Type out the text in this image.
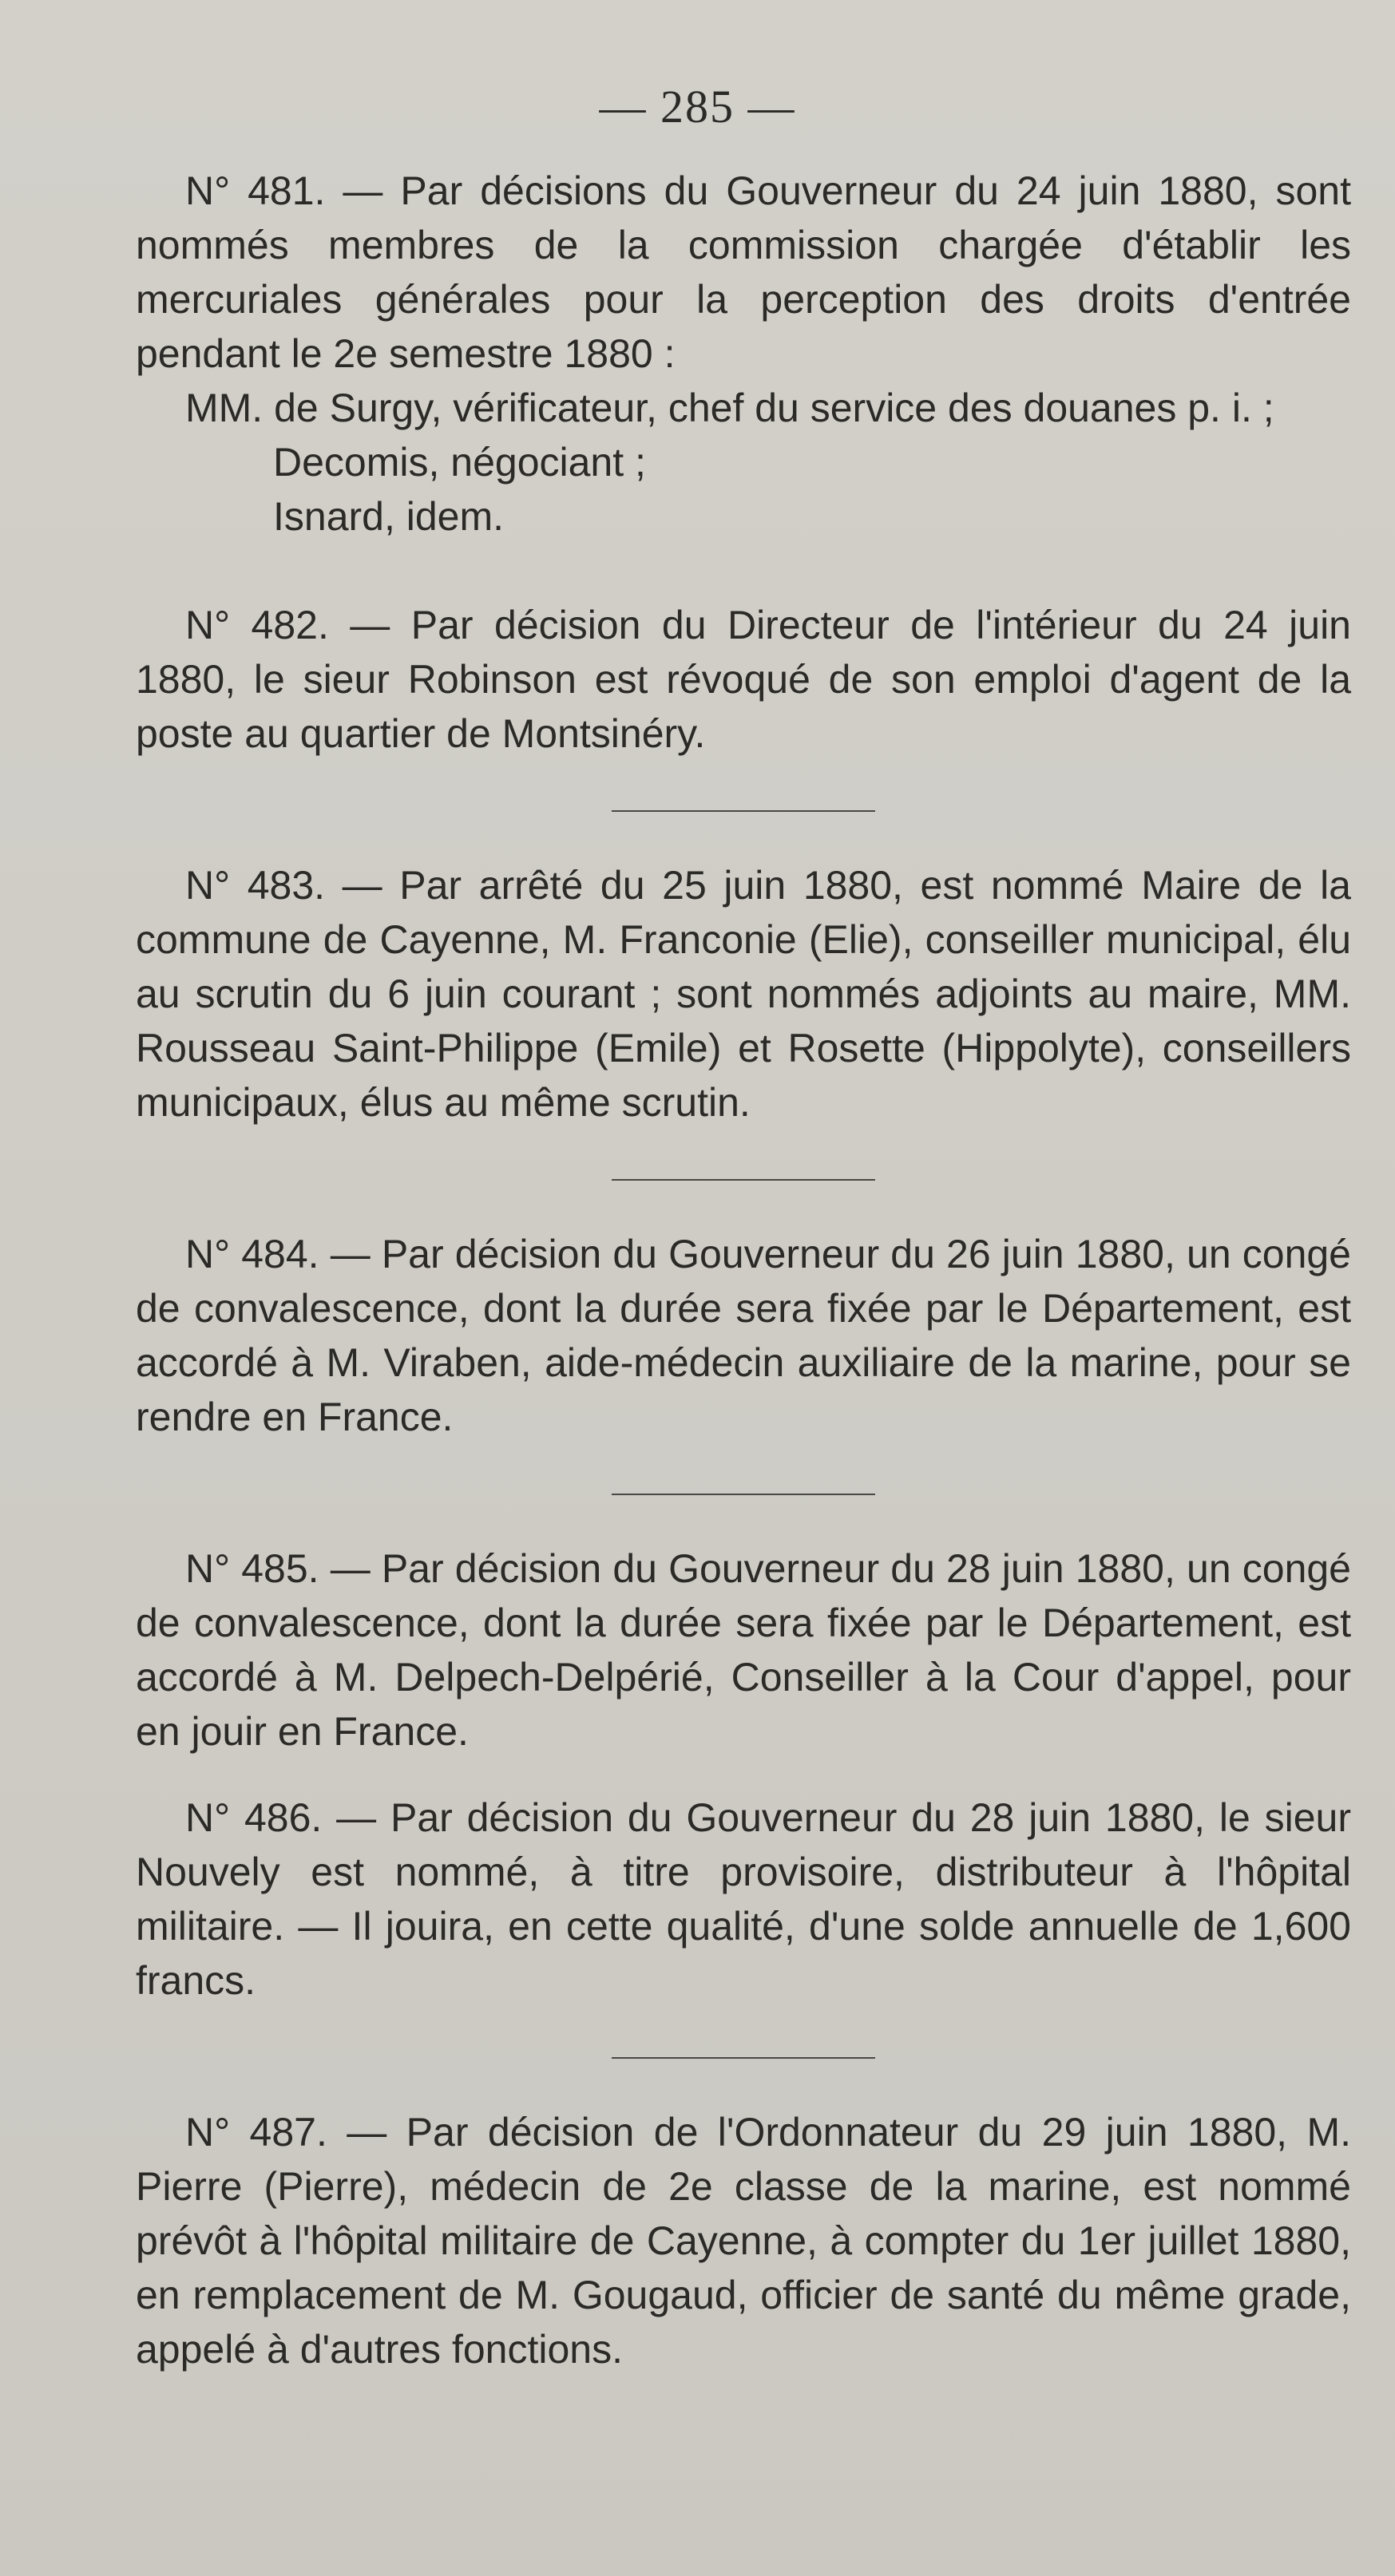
— 285 —

N° 481. — Par décisions du Gouverneur du 24 juin 1880, sont nommés membres de la commission chargée d'établir les mercuriales générales pour la perception des droits d'entrée pendant le 2e semestre 1880 :

MM. de Surgy, vérificateur, chef du service des douanes p. i. ;

Decomis, négociant ;

Isnard, idem.

N° 482. — Par décision du Directeur de l'intérieur du 24 juin 1880, le sieur Robinson est révoqué de son emploi d'agent de la poste au quartier de Montsinéry.

N° 483. — Par arrêté du 25 juin 1880, est nommé Maire de la commune de Cayenne, M. Franconie (Elie), conseiller municipal, élu au scrutin du 6 juin courant ; sont nommés adjoints au maire, MM. Rousseau Saint-Philippe (Emile) et Rosette (Hippolyte), conseillers municipaux, élus au même scrutin.

N° 484. — Par décision du Gouverneur du 26 juin 1880, un congé de convalescence, dont la durée sera fixée par le Département, est accordé à M. Viraben, aide-médecin auxiliaire de la marine, pour se rendre en France.

N° 485. — Par décision du Gouverneur du 28 juin 1880, un congé de convalescence, dont la durée sera fixée par le Département, est accordé à M. Delpech-Delpérié, Conseiller à la Cour d'appel, pour en jouir en France.

N° 486. — Par décision du Gouverneur du 28 juin 1880, le sieur Nouvely est nommé, à titre provisoire, distributeur à l'hôpital militaire. — Il jouira, en cette qualité, d'une solde annuelle de 1,600 francs.

N° 487. — Par décision de l'Ordonnateur du 29 juin 1880, M. Pierre (Pierre), médecin de 2e classe de la marine, est nommé prévôt à l'hôpital militaire de Cayenne, à compter du 1er juillet 1880, en remplacement de M. Gougaud, officier de santé du même grade, appelé à d'autres fonctions.
